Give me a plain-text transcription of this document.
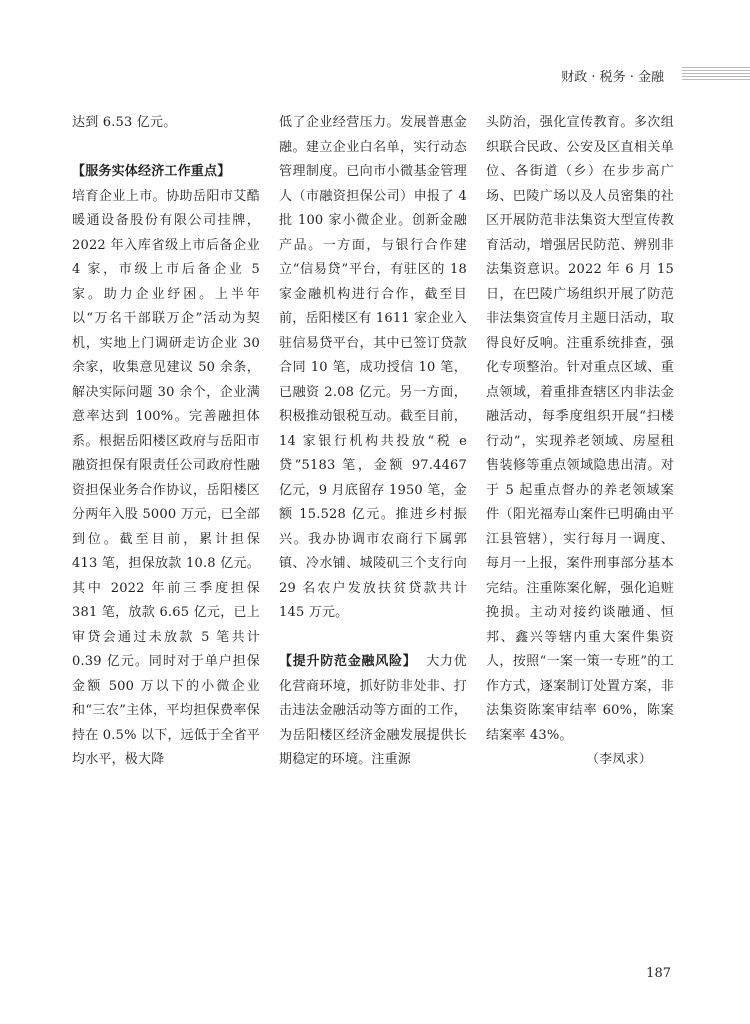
财政 · 税务 · 金融

达到 6.53 亿元。

【服务实体经济工作重点】

培育企业上市。协助岳阳市艾酷暖通设备股份有限公司挂牌，2022 年入库省级上市后备企业 4 家，市级上市后备企业 5 家。助力企业纾困。上半年以“万名干部联万企”活动为契机，实地上门调研走访企业 30 余家，收集意见建议 50 余条，解决实际问题 30 余个，企业满意率达到 100%。完善融担体系。根据岳阳楼区政府与岳阳市融资担保有限责任公司政府性融资担保业务合作协议，岳阳楼区分两年入股 5000 万元，已全部到位。截至目前，累计担保 413 笔，担保放款 10.8 亿元。其中 2022 年前三季度担保 381 笔，放款 6.65 亿元，已上审贷会通过未放款 5 笔共计 0.39 亿元。同时对于单户担保金额 500 万以下的小微企业和“三农”主体，平均担保费率保持在 0.5% 以下，远低于全省平均水平，极大降

低了企业经营压力。发展普惠金融。建立企业白名单，实行动态管理制度。已向市小微基金管理人（市融资担保公司）申报了 4 批 100 家小微企业。创新金融产品。一方面，与银行合作建立“信易贷”平台，有驻区的 18 家金融机构进行合作，截至目前，岳阳楼区有 1611 家企业入驻信易贷平台，其中已签订贷款合同 10 笔，成功授信 10 笔，已融资 2.08 亿元。另一方面，积极推动银税互动。截至目前，14 家银行机构共投放“税 e 贷”5183 笔，金额 97.4467 亿元，9 月底留存 1950 笔，金额 15.528 亿元。推进乡村振兴。我办协调市农商行下属郭镇、冷水铺、城陵矶三个支行向 29 名农户发放扶贫贷款共计 145 万元。

【提升防范金融风险】 大力优化营商环境，抓好防非处非、打击违法金融活动等方面的工作，为岳阳楼区经济金融发展提供长期稳定的环境。注重源

头防治，强化宣传教育。多次组织联合民政、公安及区直相关单位、各街道（乡）在步步高广场、巴陵广场以及人员密集的社区开展防范非法集资大型宣传教育活动，增强居民防范、辨别非法集资意识。2022 年 6 月 15 日，在巴陵广场组织开展了防范非法集资宣传月主题日活动，取得良好反响。注重系统排查，强化专项整治。针对重点区域、重点领域，着重排查辖区内非法金融活动，每季度组织开展“扫楼行动”，实现养老领域、房屋租售装修等重点领域隐患出清。对于 5 起重点督办的养老领域案件（阳光福寿山案件已明确由平江县管辖），实行每月一调度、每月一上报，案件刑事部分基本完结。注重陈案化解，强化追赃挽损。主动对接约谈融通、恒邦、鑫兴等辖内重大案件集资人，按照“一案一策一专班”的工作方式，逐案制订处置方案，非法集资陈案审结率 60%，陈案结案率 43%。

（李凤求）

187
